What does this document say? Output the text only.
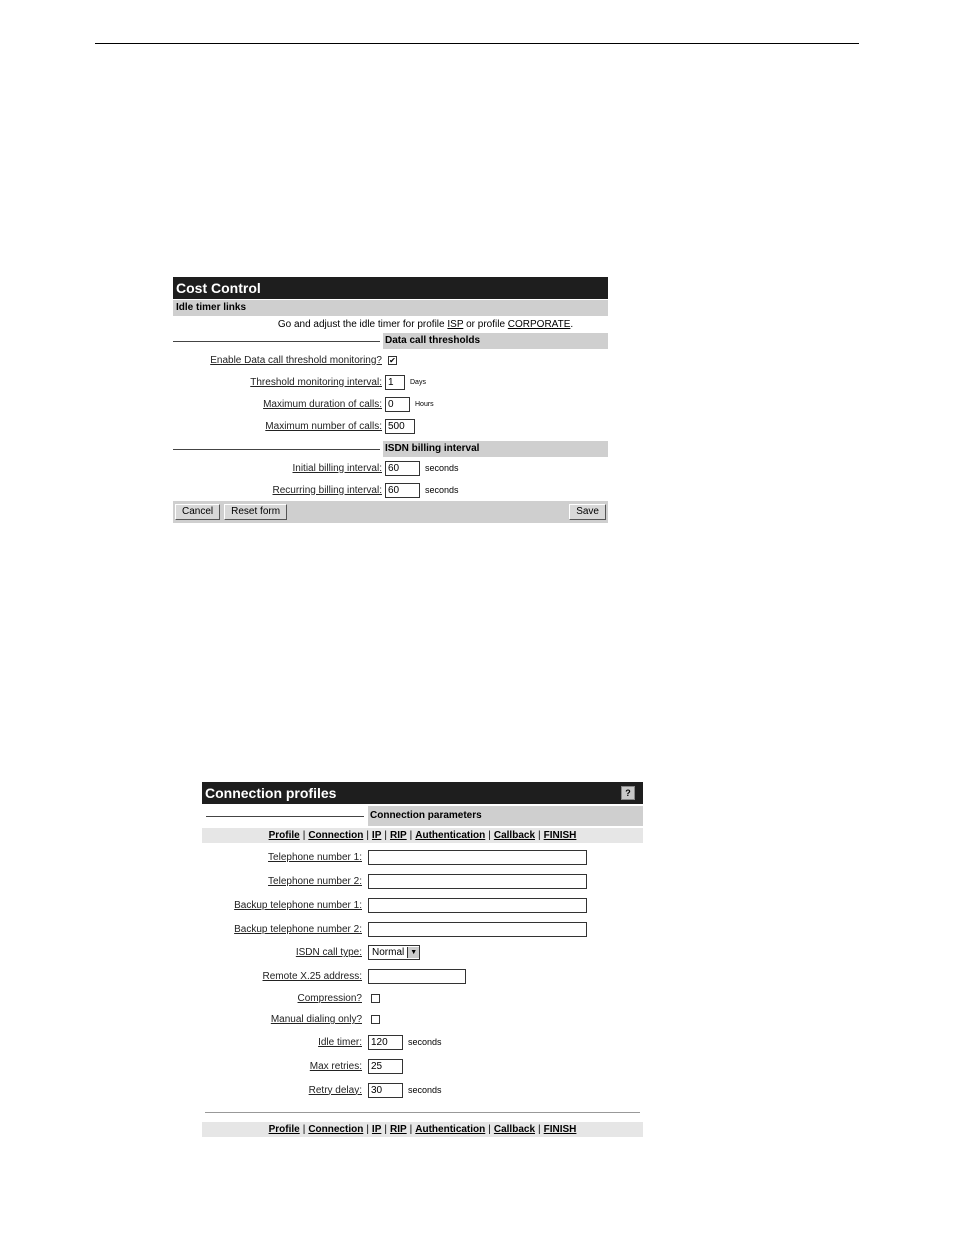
Cost Control
Idle timer links
Go and adjust the idle timer for profile ISP or profile CORPORATE.
Data call thresholds
Enable Data call threshold monitoring? ✔
Threshold monitoring interval: 1	Days
Maximum duration of calls: 0	Hours
Maximum number of calls: 500
ISDN billing interval
Initial billing interval: 60	seconds
Recurring billing interval: 60	seconds
Cancel	Reset form	Save
Connection profiles	?
Connection parameters
Profile | Connection | IP | RIP | Authentication | Callback | FINISH
Telephone number 1:
Telephone number 2:
Backup telephone number 1:
Backup telephone number 2:
ISDN call type:	Normal ▼
Remote X.25 address:
Compression?
Manual dialing only?
Idle timer: 120	seconds
Max retries: 25
Retry delay: 30	seconds
Profile | Connection | IP | RIP | Authentication | Callback | FINISH
